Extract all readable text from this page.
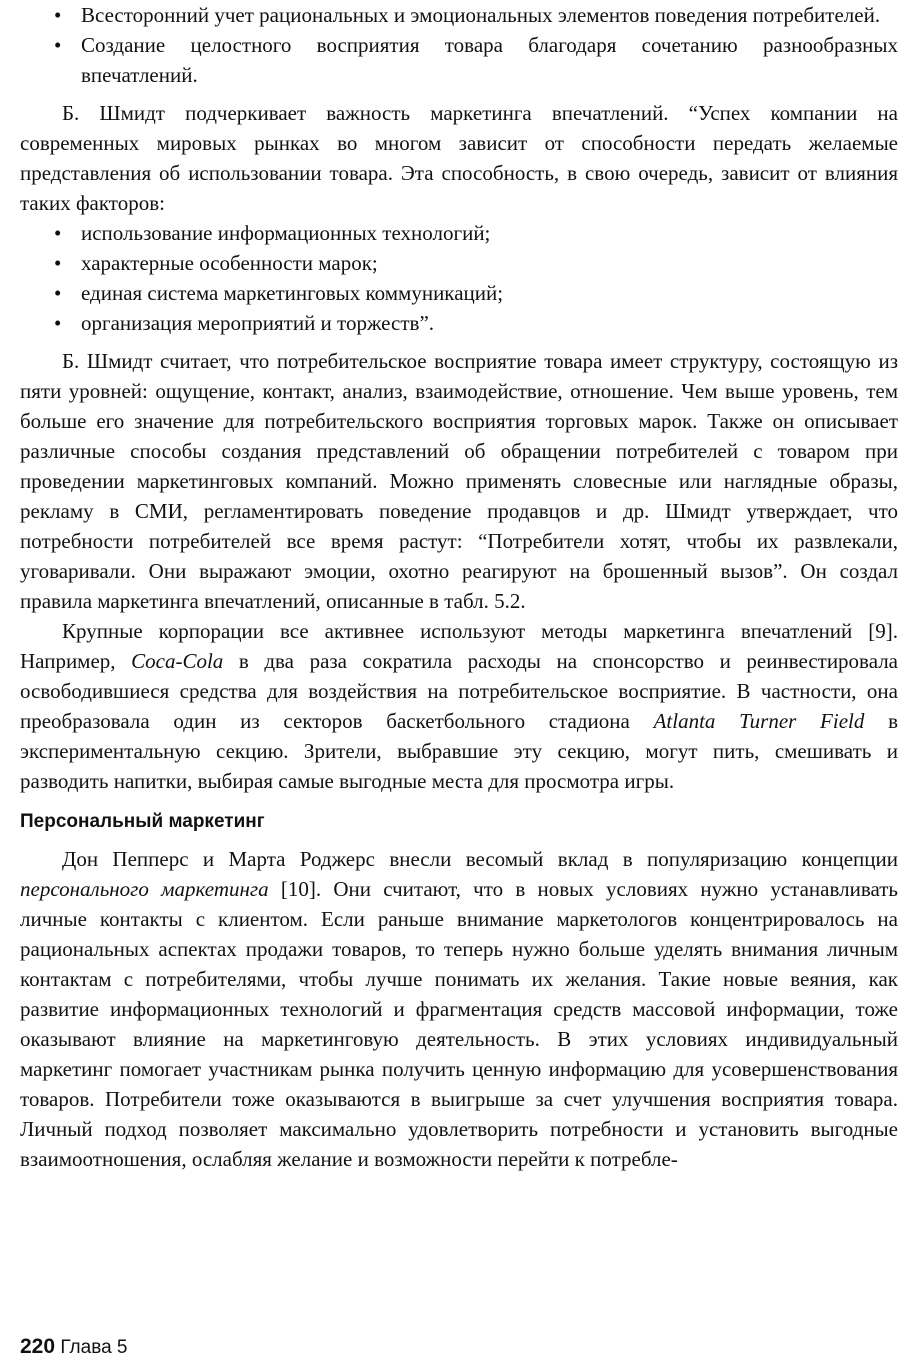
• Всесторонний учет рациональных и эмоциональных элементов поведения потребителей.
• Создание целостного восприятия товара благодаря сочетанию разнообразных впечатлений.

Б. Шмидт подчеркивает важность маркетинга впечатлений. “Успех компании на современных мировых рынках во многом зависит от способности передать желаемые представления об использовании товара. Эта способность, в свою очередь, зависит от влияния таких факторов:

• использование информационных технологий;
• характерные особенности марок;
• единая система маркетинговых коммуникаций;
• организация мероприятий и торжеств”.

Б. Шмидт считает, что потребительское восприятие товара имеет структуру, состоящую из пяти уровней: ощущение, контакт, анализ, взаимодействие, отношение. Чем выше уровень, тем больше его значение для потребительского восприятия торговых марок. Также он описывает различные способы создания представлений об обращении потребителей с товаром при проведении маркетинговых компаний. Можно применять словесные или наглядные образы, рекламу в СМИ, регламентировать поведение продавцов и др. Шмидт утверждает, что потребности потребителей все время растут: “Потребители хотят, чтобы их развлекали, уговаривали. Они выражают эмоции, охотно реагируют на брошенный вызов”. Он создал правила маркетинга впечатлений, описанные в табл. 5.2.

Крупные корпорации все активнее используют методы маркетинга впечатлений [9]. Например, Coca-Cola в два раза сократила расходы на спонсорство и реинвестировала освободившиеся средства для воздействия на потребительское восприятие. В частности, она преобразовала один из секторов баскетбольного стадиона Atlanta Turner Field в экспериментальную секцию. Зрители, выбравшие эту секцию, могут пить, смешивать и разводить напитки, выбирая самые выгодные места для просмотра игры.

Персональный маркетинг

Дон Пепперс и Марта Роджерс внесли весомый вклад в популяризацию концепции персонального маркетинга [10]. Они считают, что в новых условиях нужно устанавливать личные контакты с клиентом. Если раньше внимание маркетологов концентрировалось на рациональных аспектах продажи товаров, то теперь нужно больше уделять внимания личным контактам с потребителями, чтобы лучше понимать их желания. Такие новые веяния, как развитие информационных технологий и фрагментация средств массовой информации, тоже оказывают влияние на маркетинговую деятельность. В этих условиях индивидуальный маркетинг помогает участникам рынка получить ценную информацию для усовершенствования товаров. Потребители тоже оказываются в выигрыше за счет улучшения восприятия товара. Личный подход позволяет максимально удовлетворить потребности и установить выгодные взаимоотношения, ослабляя желание и возможности перейти к потребле-

220 Глава 5
